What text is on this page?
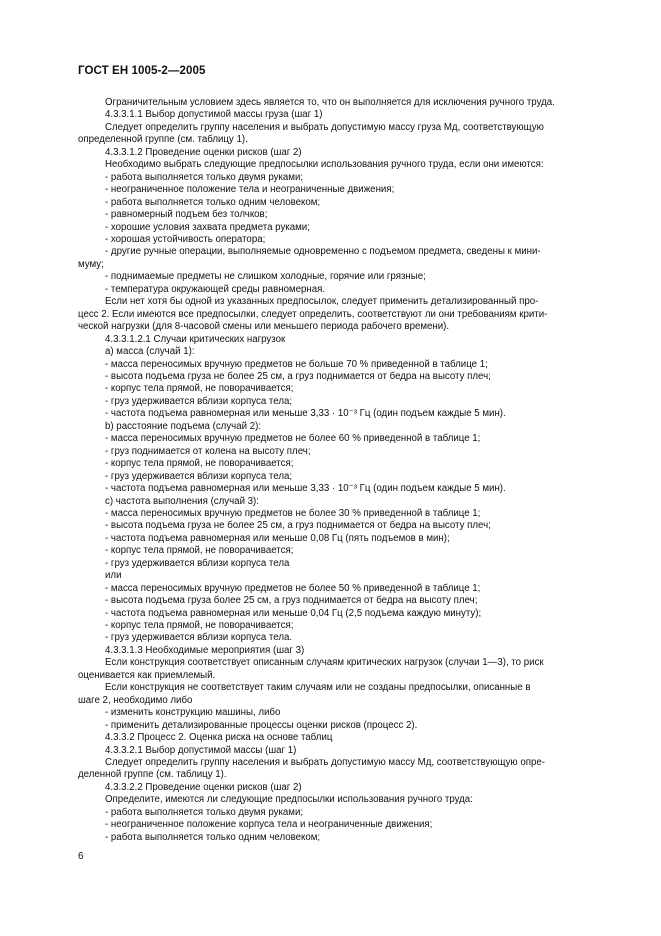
ГОСТ ЕН 1005-2—2005

Ограничительным условием здесь является то, что он выполняется для исключения ручного труда.

4.3.3.1.1 Выбор допустимой массы груза (шаг 1)

Следует определить группу населения и выбрать допустимую массу груза Mд, соответствующую

определенной группе (см. таблицу 1).

4.3.3.1.2 Проведение оценки рисков (шаг 2)

Необходимо выбрать следующие предпосылки использования ручного труда, если они имеются:

- работа выполняется только двумя руками;

- неограниченное положение тела и неограниченные движения;

- работа выполняется только одним человеком;

- равномерный подъем без толчков;

- хорошие условия захвата предмета руками;

- хорошая устойчивость оператора;

- другие ручные операции, выполняемые одновременно с подъемом предмета, сведены к мини-

муму;

- поднимаемые предметы не слишком холодные, горячие или грязные;

- температура окружающей среды равномерная.

Если нет хотя бы одной из указанных предпосылок, следует применить детализированный про-

цесс 2. Если имеются все предпосылки, следует определить, соответствуют ли они требованиям крити-

ческой нагрузки (для 8-часовой смены или меньшего периода рабочего времени).

4.3.3.1.2.1 Случаи критических нагрузок

a) масса (случай 1):

- масса переносимых вручную предметов не больше 70 % приведенной в таблице 1;

- высота подъема груза не более 25 см, а груз поднимается от бедра на высоту плеч;

- корпус тела прямой, не поворачивается;

- груз удерживается вблизи корпуса тела;

- частота подъема равномерная или меньше 3,33 · 10⁻³ Гц (один подъем каждые 5 мин).

b) расстояние подъема (случай 2):

- масса переносимых вручную предметов не более 60 % приведенной в таблице 1;

- груз поднимается от колена на высоту плеч;

- корпус тела прямой, не поворачивается;

- груз удерживается вблизи корпуса тела;

- частота подъема равномерная или меньше 3,33 · 10⁻³ Гц (один подъем каждые 5 мин).

c) частота выполнения (случай 3):

- масса переносимых вручную предметов не более 30 % приведенной в таблице 1;

- высота подъема груза не более 25 см, а груз поднимается от бедра на высоту плеч;

- частота подъема равномерная или меньше 0,08 Гц (пять подъемов в мин);

- корпус тела прямой, не поворачивается;

- груз удерживается вблизи корпуса тела

или

- масса переносимых вручную предметов не более 50 % приведенной в таблице 1;

- высота подъема груза более 25 см, а груз поднимается от бедра на высоту плеч;

- частота подъема равномерная или меньше 0,04 Гц (2,5 подъема каждую минуту);

- корпус тела прямой, не поворачивается;

- груз удерживается вблизи корпуса тела.

4.3.3.1.3 Необходимые мероприятия (шаг 3)

Если конструкция соответствует описанным случаям критических нагрузок (случаи 1—3), то риск

оценивается как приемлемый.

Если конструкция не соответствует таким случаям или не созданы предпосылки, описанные в

шаге 2, необходимо либо

- изменить конструкцию машины, либо

- применить детализированные процессы оценки рисков (процесс 2).

4.3.3.2 Процесс 2. Оценка риска на основе таблиц

4.3.3.2.1 Выбор допустимой массы (шаг 1)

Следует определить группу населения и выбрать допустимую массу Mд, соответствующую опре-

деленной группе (см. таблицу 1).

4.3.3.2.2 Проведение оценки рисков (шаг 2)

Определите, имеются ли следующие предпосылки использования ручного труда:

- работа выполняется только двумя руками;

- неограниченное положение корпуса тела и неограниченные движения;

- работа выполняется только одним человеком;

6
